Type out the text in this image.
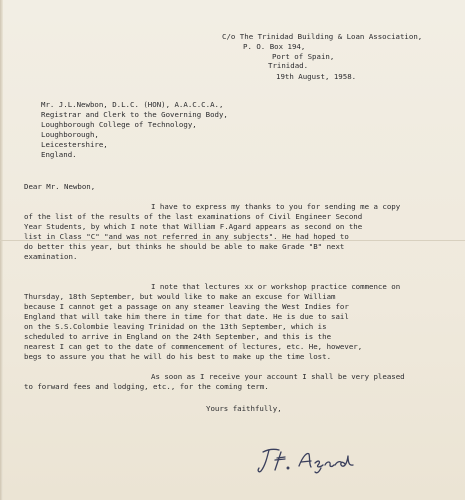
C/o The Trinidad Building & Loan Association,
P. O. Box 194,
Port of Spain,
Trinidad.
19th August, 1958.
Mr. J.L.Newbon, D.L.C. (HON), A.A.C.C.A.,
Registrar and Clerk to the Governing Body,
Loughborough College of Technology,
Loughborough,
Leicestershire,
England.
Dear Mr. Newbon,
I have to express my thanks to you for sending me a copy
of the list of the results of the last examinations of Civil Engineer Second
Year Students, by which I note that William F.Agard appears as second on the
list in Class "C" "and was not referred in any subjects". He had hoped to
do better this year, but thinks he should be able to make Grade "B" next
examination.
I note that lectures xx or workshop practice commence on
Thursday, 18th September, but would like to make an excuse for William
because I cannot get a passage on any steamer leaving the West Indies for
England that will take him there in time for that date. He is due to sail
on the S.S.Colombie leaving Trinidad on the 13th September, which is
scheduled to arrive in England on the 24th September, and this is the
nearest I can get to the date of commencement of lectures, etc. He, however,
begs to assure you that he will do his best to make up the time lost.
As soon as I receive your account I shall be very pleased
to forward fees and lodging, etc., for the coming term.
Yours faithfully,
